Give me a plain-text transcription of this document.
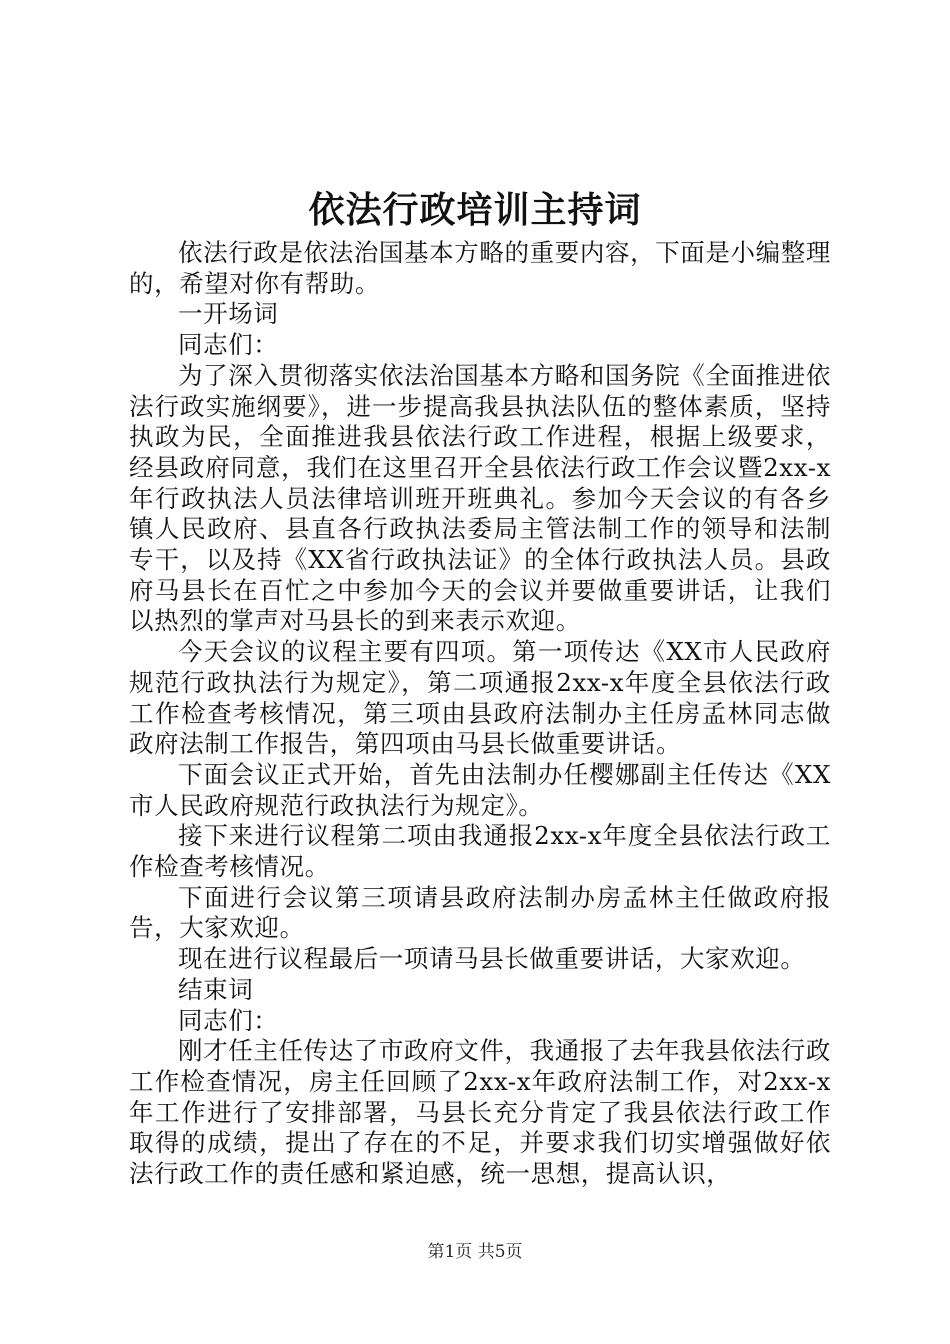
依法行政培训主持词

依法行政是依法治国基本方略的重要内容，下面是小编整理的，希望对你有帮助。

一开场词

同志们：

为了深入贯彻落实依法治国基本方略和国务院《全面推进依法行政实施纲要》，进一步提高我县执法队伍的整体素质，坚持执政为民，全面推进我县依法行政工作进程，根据上级要求，经县政府同意，我们在这里召开全县依法行政工作会议暨2xx-x年行政执法人员法律培训班开班典礼。参加今天会议的有各乡镇人民政府、县直各行政执法委局主管法制工作的领导和法制专干，以及持《XX省行政执法证》的全体行政执法人员。县政府马县长在百忙之中参加今天的会议并要做重要讲话，让我们以热烈的掌声对马县长的到来表示欢迎。

今天会议的议程主要有四项。第一项传达《XX市人民政府规范行政执法行为规定》，第二项通报2xx-x年度全县依法行政工作检查考核情况，第三项由县政府法制办主任房孟林同志做政府法制工作报告，第四项由马县长做重要讲话。

下面会议正式开始，首先由法制办任樱娜副主任传达《XX市人民政府规范行政执法行为规定》。

接下来进行议程第二项由我通报2xx-x年度全县依法行政工作检查考核情况。

下面进行会议第三项请县政府法制办房孟林主任做政府报告，大家欢迎。

现在进行议程最后一项请马县长做重要讲话，大家欢迎。

结束词

同志们：

刚才任主任传达了市政府文件，我通报了去年我县依法行政工作检查情况，房主任回顾了2xx-x年政府法制工作，对2xx-x年工作进行了安排部署，马县长充分肯定了我县依法行政工作取得的成绩，提出了存在的不足，并要求我们切实增强做好依法行政工作的责任感和紧迫感，统一思想，提高认识，

第1页 共5页
